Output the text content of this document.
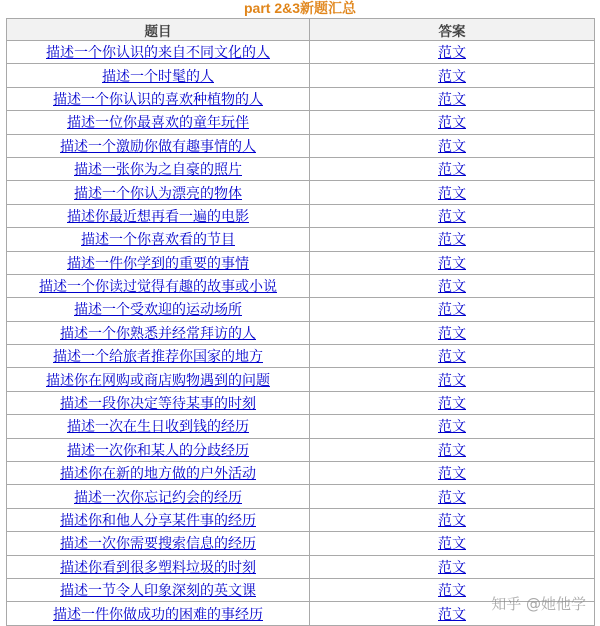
part 2&3新题汇总
题目	答案
描述一个你认识的来自不同文化的人	范文
描述一个时髦的人	范文
描述一个你认识的喜欢种植物的人	范文
描述一位你最喜欢的童年玩伴	范文
描述一个激励你做有趣事情的人	范文
描述一张你为之自豪的照片	范文
描述一个你认为漂亮的物体	范文
描述你最近想再看一遍的电影	范文
描述一个你喜欢看的节目	范文
描述一件你学到的重要的事情	范文
描述一个你读过觉得有趣的故事或小说	范文
描述一个受欢迎的运动场所	范文
描述一个你熟悉并经常拜访的人	范文
描述一个给旅者推荐你国家的地方	范文
描述你在网购或商店购物遇到的问题	范文
描述一段你决定等待某事的时刻	范文
描述一次在生日收到钱的经历	范文
描述一次你和某人的分歧经历	范文
描述你在新的地方做的户外活动	范文
描述一次你忘记约会的经历	范文
描述你和他人分享某件事的经历	范文
描述一次你需要搜索信息的经历	范文
描述你看到很多塑料垃圾的时刻	范文
描述一节令人印象深刻的英文课	范文
描述一件你做成功的困难的事经历	范文
知乎 @她他学
